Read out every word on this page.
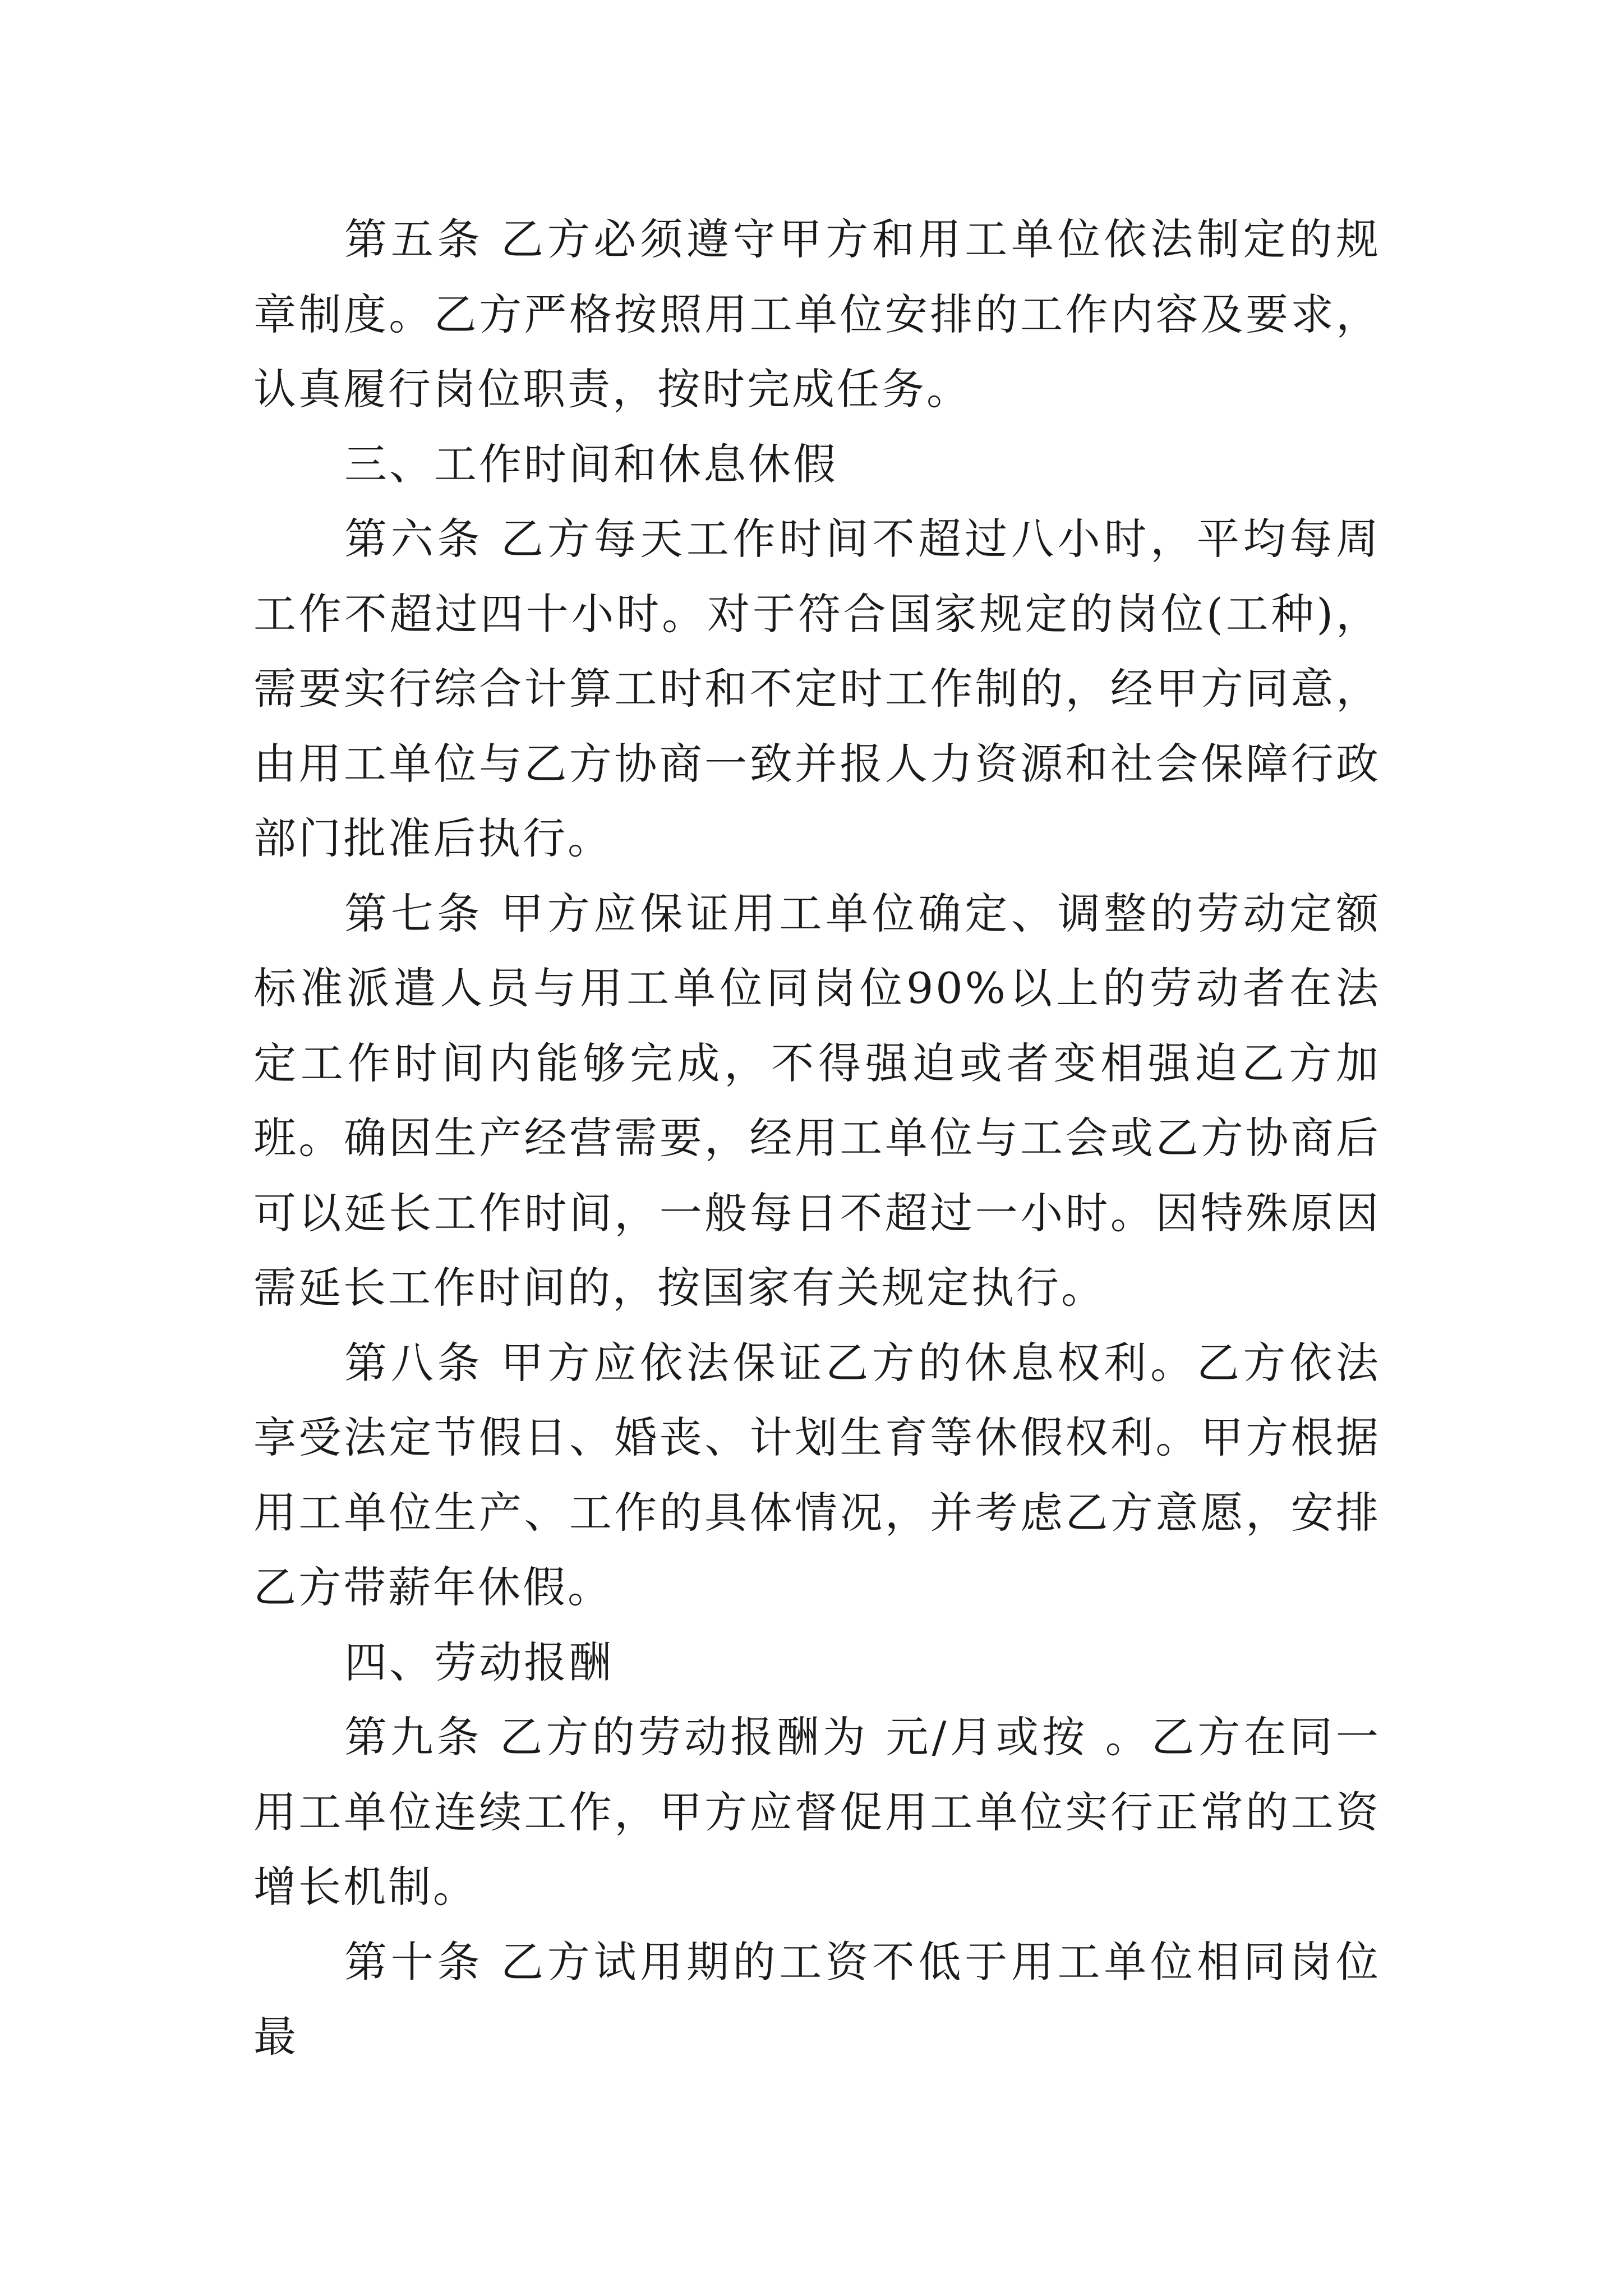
第五条 乙方必须遵守甲方和用工单位依法制定的规章制度。乙方严格按照用工单位安排的工作内容及要求，认真履行岗位职责，按时完成任务。

三、工作时间和休息休假

第六条 乙方每天工作时间不超过八小时，平均每周工作不超过四十小时。对于符合国家规定的岗位(工种)，需要实行综合计算工时和不定时工作制的，经甲方同意，由用工单位与乙方协商一致并报人力资源和社会保障行政部门批准后执行。

第七条 甲方应保证用工单位确定、调整的劳动定额标准派遣人员与用工单位同岗位90%以上的劳动者在法定工作时间内能够完成，不得强迫或者变相强迫乙方加班。确因生产经营需要，经用工单位与工会或乙方协商后可以延长工作时间，一般每日不超过一小时。因特殊原因需延长工作时间的，按国家有关规定执行。

第八条 甲方应依法保证乙方的休息权利。乙方依法享受法定节假日、婚丧、计划生育等休假权利。甲方根据用工单位生产、工作的具体情况，并考虑乙方意愿，安排乙方带薪年休假。

四、劳动报酬

第九条 乙方的劳动报酬为 元/月或按 。乙方在同一用工单位连续工作，甲方应督促用工单位实行正常的工资增长机制。

第十条 乙方试用期的工资不低于用工单位相同岗位最
